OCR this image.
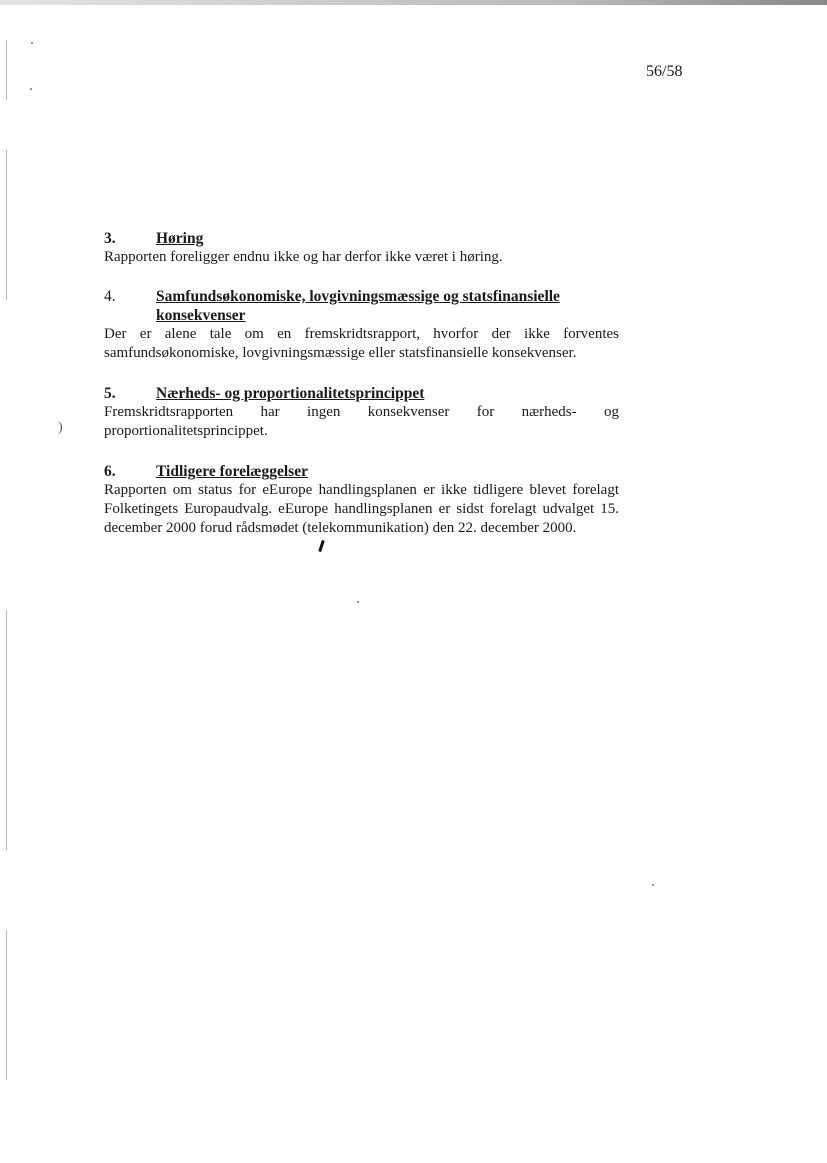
56/58
3.	Høring

Rapporten foreligger endnu ikke og har derfor ikke været i høring.

4.	Samfundsøkonomiske, lovgivningsmæssige og statsfinansielle
konsekvenser

Der er alene tale om en fremskridtsrapport, hvorfor der ikke forventes samfundsøkonomiske, lovgivningsmæssige eller statsfinansielle konsekvenser.

5.	Nærheds- og proportionalitetsprincippet

Fremskridtsrapporten har ingen konsekvenser for nærheds- og proportionalitetsprincippet.

6.	Tidligere forelæggelser

Rapporten om status for eEurope handlingsplanen er ikke tidligere blevet forelagt Folketingets Europaudvalg. eEurope handlingsplanen er sidst forelagt udvalget 15. december 2000 forud rådsmødet (telekommunikation) den 22. december 2000.

)
